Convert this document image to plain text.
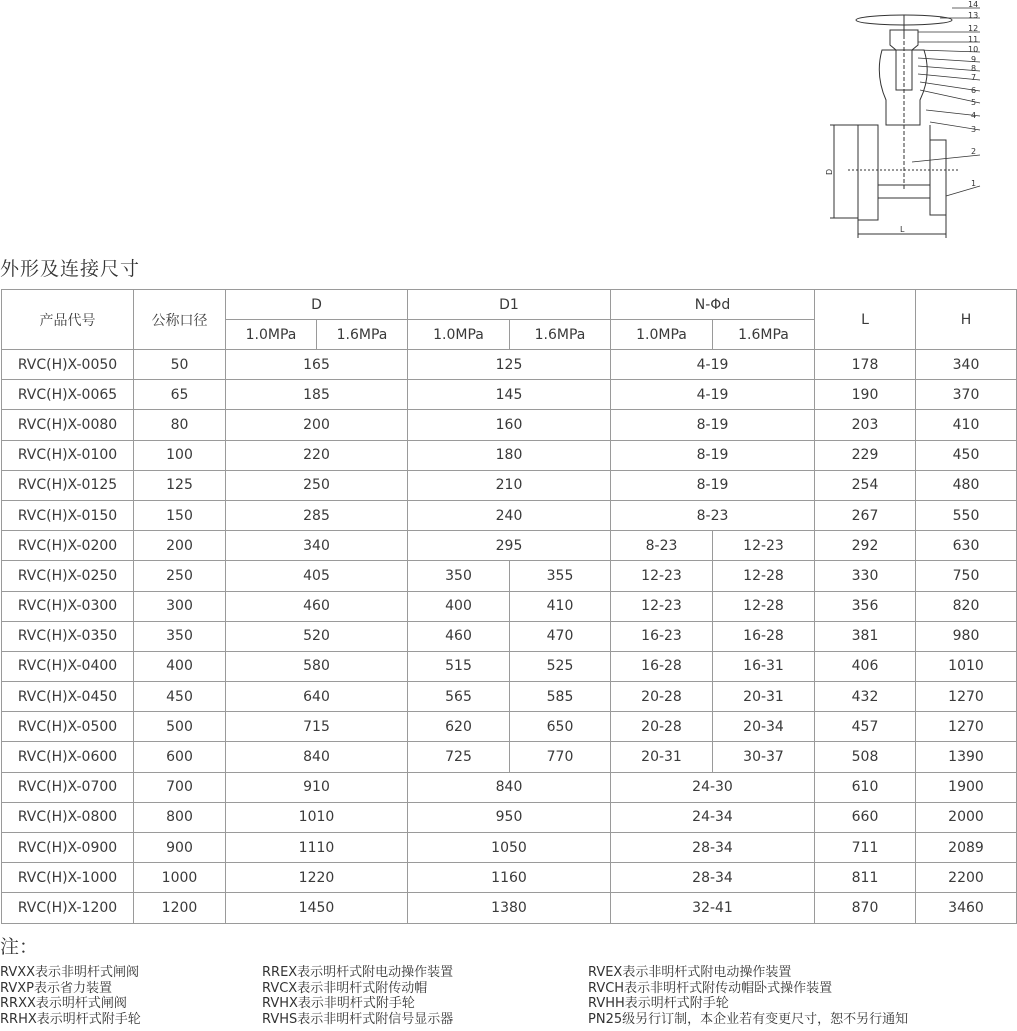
14
13
12
11
10
9
8
7
6
5
4
3
2
1
D
L
外形及连接尺寸
产品代号	公称口径	D		D1		N-Φd		L	H
		1.0MPa	1.6MPa	1.0MPa	1.6MPa	1.0MPa	1.6MPa		
RVC(H)X-0050	50	165		125		4-19		178	340
RVC(H)X-0065	65	185		145		4-19		190	370
RVC(H)X-0080	80	200		160		8-19		203	410
RVC(H)X-0100	100	220		180		8-19		229	450
RVC(H)X-0125	125	250		210		8-19		254	480
RVC(H)X-0150	150	285		240		8-23		267	550
RVC(H)X-0200	200	340		295		8-23	12-23	292	630
RVC(H)X-0250	250	405		350	355	12-23	12-28	330	750
RVC(H)X-0300	300	460		400	410	12-23	12-28	356	820
RVC(H)X-0350	350	520		460	470	16-23	16-28	381	980
RVC(H)X-0400	400	580		515	525	16-28	16-31	406	1010
RVC(H)X-0450	450	640		565	585	20-28	20-31	432	1270
RVC(H)X-0500	500	715		620	650	20-28	20-34	457	1270
RVC(H)X-0600	600	840		725	770	20-31	30-37	508	1390
RVC(H)X-0700	700	910		840		24-30		610	1900
RVC(H)X-0800	800	1010		950		24-34		660	2000
RVC(H)X-0900	900	1110		1050		28-34		711	2089
RVC(H)X-1000	1000	1220		1160		28-34		811	2200
RVC(H)X-1200	1200	1450		1380		32-41		870	3460
注：
RVXX表示非明杆式闸阀
RVXP表示省力装置
RRXX表示明杆式闸阀
RRHX表示明杆式附手轮
RREX表示明杆式附电动操作装置
RVCX表示非明杆式附传动帽
RVHX表示非明杆式附手轮
RVHS表示非明杆式附信号显示器
RVEX表示非明杆式附电动操作装置
RVCH表示非明杆式附传动帽卧式操作装置
RVHH表示明杆式附手轮
PN25级另行订制，本企业若有变更尺寸，恕不另行通知
